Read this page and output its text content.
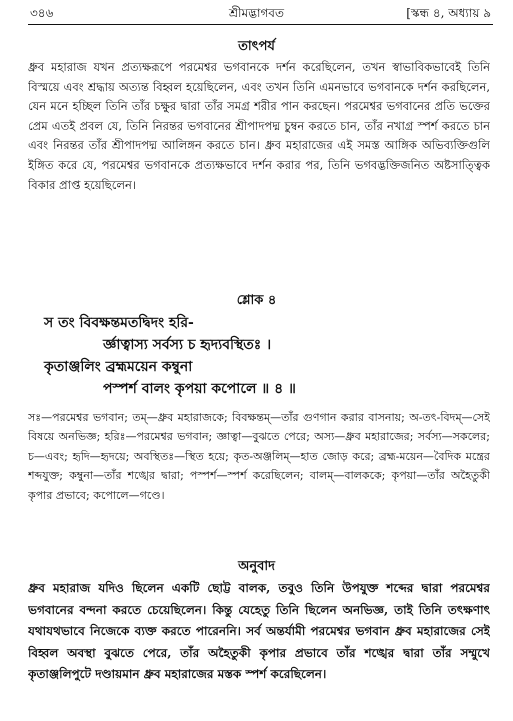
৩৪৬	শ্রীমদ্ভাগবত	[স্কন্ধ ৪, অধ্যায় ৯
তাৎপর্য
ধ্রুব মহারাজ যখন প্রত্যক্ষরূপে পরমেশ্বর ভগবানকে দর্শন করেছিলেন, তখন স্বাভাবিকভাবেই তিনি বিস্ময়ে এবং শ্রদ্ধায় অত্যন্ত বিহ্বল হয়েছিলেন, এবং তখন তিনি এমনভাবে ভগবানকে দর্শন করছিলেন, যেন মনে হচ্ছিল তিনি তাঁর চক্ষুর দ্বারা তাঁর সমগ্র শরীর পান করছেন। পরমেশ্বর ভগবানের প্রতি ভক্তের প্রেম এতই প্রবল যে, তিনি নিরন্তর ভগবানের শ্রীপাদপদ্ম চুম্বন করতে চান, তাঁর নখাগ্র স্পর্শ করতে চান এবং নিরন্তর তাঁর শ্রীপাদপদ্ম আলিঙ্গন করতে চান। ধ্রুব মহারাজের এই সমস্ত আঙ্গিক অভিব্যক্তিগুলি ইঙ্গিত করে যে, পরমেশ্বর ভগবানকে প্রত্যক্ষভাবে দর্শন করার পর, তিনি ভগবদ্ভক্তিজনিত অষ্টসাত্ত্বিক বিকার প্রাপ্ত হয়েছিলেন।
শ্লোক ৪
স তং বিবক্ষন্তমতদ্বিদং হরি-
র্জ্ঞাত্বাস্য সর্বস্য চ হৃদ্যবস্থিতঃ ।
কৃতাঞ্জলিং ব্রহ্মময়েন কম্বুনা
পস্পর্শ বালং কৃপয়া কপোলে ॥ ৪ ॥
সঃ—পরমেশ্বর ভগবান; তম্—ধ্রুব মহারাজকে; বিবক্ষন্তম্—তাঁর গুণগান করার বাসনায়; অ-তৎ-বিদম্—সেই বিষয়ে অনভিজ্ঞ; হরিঃ—পরমেশ্বর ভগবান; জ্ঞাত্বা—বুঝতে পেরে; অস্য—ধ্রুব মহারাজের; সর্বস্য—সকলের; চ—এবং; হৃদি—হৃদয়ে; অবস্থিতঃ—স্থিত হয়ে; কৃত-অঞ্জলিম্—হাত জোড় করে; ব্রহ্ম-ময়েন—বৈদিক মন্ত্রের শব্দযুক্ত; কম্বুনা—তাঁর শঙ্খের দ্বারা; পস্পর্শ—স্পর্শ করেছিলেন; বালম্—বালককে; কৃপয়া—তাঁর অহৈতুকী কৃপার প্রভাবে; কপোলে—গণ্ডে।
অনুবাদ
ধ্রুব মহারাজ যদিও ছিলেন একটি ছোট্ট বালক, তবুও তিনি উপযুক্ত শব্দের দ্বারা পরমেশ্বর ভগবানের বন্দনা করতে চেয়েছিলেন। কিন্তু যেহেতু তিনি ছিলেন অনভিজ্ঞ, তাই তিনি তৎক্ষণাৎ যথাযথভাবে নিজেকে ব্যক্ত করতে পারেননি। সর্ব অন্তর্যামী পরমেশ্বর ভগবান ধ্রুব মহারাজের সেই বিহ্বল অবস্থা বুঝতে পেরে, তাঁর অহৈতুকী কৃপার প্রভাবে তাঁর শঙ্খের দ্বারা তাঁর সম্মুখে কৃতাঞ্জলিপুটে দণ্ডায়মান ধ্রুব মহারাজের মস্তক স্পর্শ করেছিলেন।
